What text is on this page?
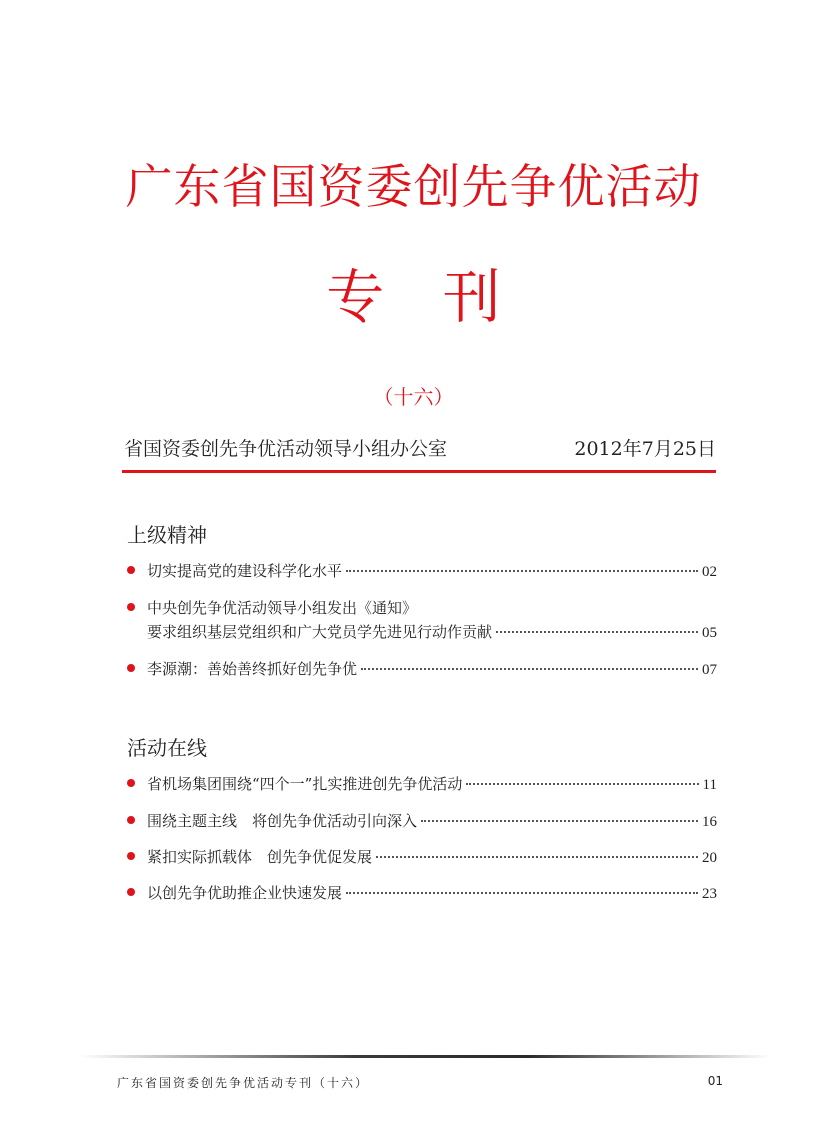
广东省国资委创先争优活动
专 刊
（十六）
省国资委创先争优活动领导小组办公室	2012年7月25日
上级精神
切实提高党的建设科学化水平	02
中央创先争优活动领导小组发出《通知》
要求组织基层党组织和广大党员学先进见行动作贡献	05
李源潮：善始善终抓好创先争优	07
活动在线
省机场集团围绕“四个一”扎实推进创先争优活动	11
围绕主题主线　将创先争优活动引向深入	16
紧扣实际抓载体　创先争优促发展	20
以创先争优助推企业快速发展	23
广东省国资委创先争优活动专刊（十六）	01
